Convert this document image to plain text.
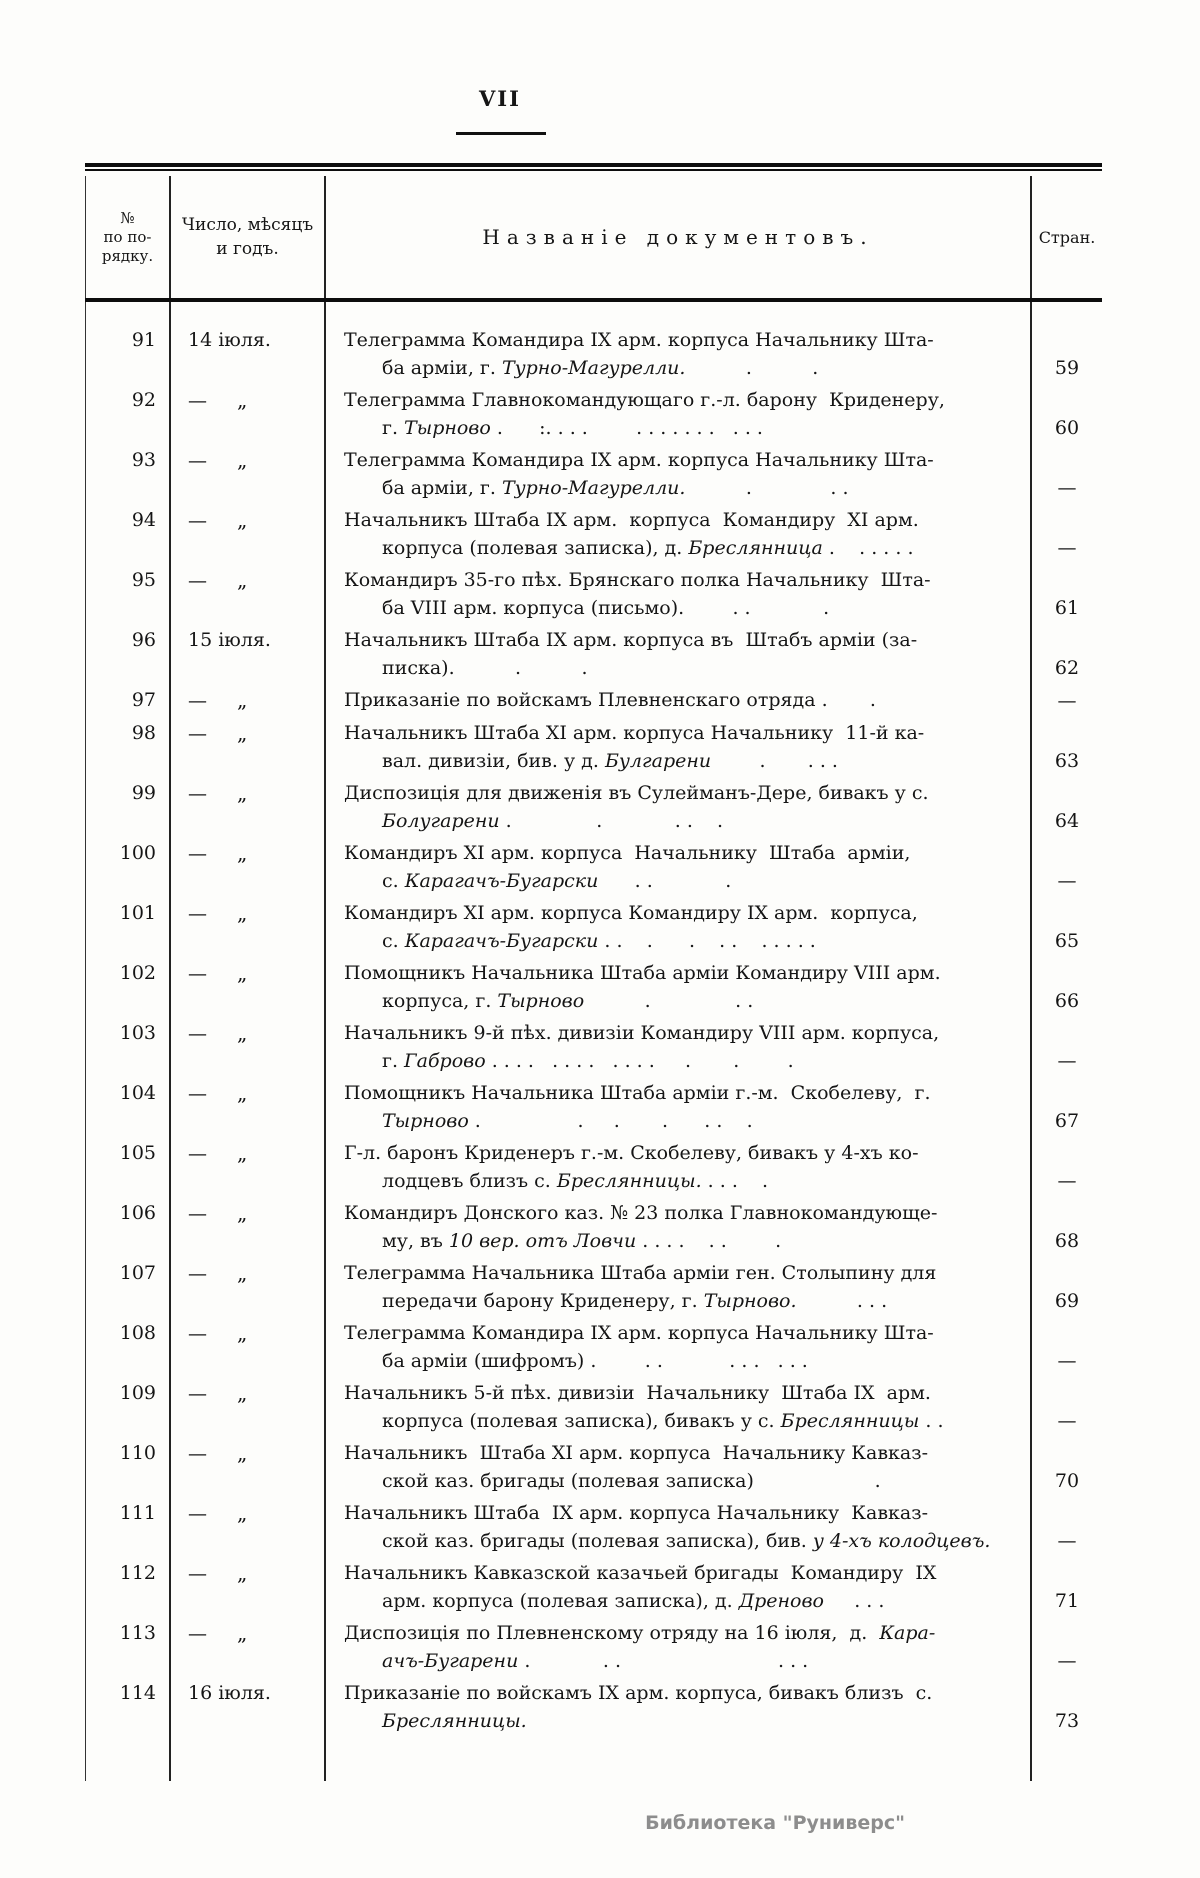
VII
№
по по-
рядку.
Число, мѣсяцъ
и годъ.	Названіе документовъ.	Стран.
91	14 іюля.	Телеграмма Командира IX арм. корпуса Начальнику Шта-
ба арміи, г. Турно-Магурелли.          .          .	59
92	— „	Телеграмма Главнокомандующаго г.-л. барону  Криденеру,
г. Тырново .      :. . . .        . . . . . . .   . . .	60
93	— „	Телеграмма Командира IX арм. корпуса Начальнику Шта-
ба арміи, г. Турно-Магурелли.          .             . .	—
94	— „	Начальникъ Штаба IX арм.  корпуса  Командиру  XI арм.
корпуса (полевая записка), д. Бреслянница .    . . . . .	—
95	— „	Командиръ 35-го пѣх. Брянскаго полка Начальнику  Шта-
ба VIII арм. корпуса (письмо).        . .            .	61
96	15 іюля.	Начальникъ Штаба IX арм. корпуса въ  Штабъ арміи (за-
писка).          .          .	62
97	— „	Приказаніе по войскамъ Плевненскаго отряда .       .	—
98	— „	Начальникъ Штаба XI арм. корпуса Начальнику  11-й ка-
вал. дивизіи, бив. у д. Булгарени        .       . . .	63
99	— „	Диспозиція для движенія въ Сулейманъ-Дере, бивакъ у с.
Болугарени .              .            . .    .	64
100	— „	Командиръ XI арм. корпуса  Начальнику  Штаба  арміи,
с. Карагачъ-Бугарски      . .            .	—
101	— „	Командиръ XI арм. корпуса Командиру IX арм.  корпуса,
с. Карагачъ-Бугарски . .    .      .    . .    . . . . .	65
102	— „	Помощникъ Начальника Штаба арміи Командиру VIII арм.
корпуса, г. Тырново          .              . .	66
103	— „	Начальникъ 9-й пѣх. дивизіи Командиру VIII арм. корпуса,
г. Габрово . . . .   . . . .   . . . .     .       .        .	—
104	— „	Помощникъ Начальника Штаба арміи г.-м.  Скобелеву,  г.
Тырново .                .     .       .      . .    .	67
105	— „	Г-л. баронъ Криденеръ г.-м. Скобелеву, бивакъ у 4-хъ ко-
лодцевъ близъ с. Бреслянницы. . . .    .	—
106	— „	Командиръ Донского каз. № 23 полка Главнокомандующе-
му, въ 10 вер. отъ Ловчи . . . .    . .        .	68
107	— „	Телеграмма Начальника Штаба арміи ген. Столыпину для
передачи барону Криденеру, г. Тырново.          . . .	69
108	— „	Телеграмма Командира IX арм. корпуса Начальнику Шта-
ба арміи (шифромъ) .        . .           . . .   . . .	—
109	— „	Начальникъ 5-й пѣх. дивизіи  Начальнику  Штаба IX  арм.
корпуса (полевая записка), бивакъ у с. Бреслянницы . .	—
110	— „	Начальникъ  Штаба XI арм. корпуса  Начальнику Кавказ-
ской каз. бригады (полевая записка)                    .	70
111	— „	Начальникъ Штаба  IX арм. корпуса Начальнику  Кавказ-
ской каз. бригады (полевая записка), бив. у 4-хъ колодцевъ.	—
112	— „	Начальникъ Кавказской казачьей бригады  Командиру  IX
арм. корпуса (полевая записка), д. Дреново     . . .	71
113	— „	Диспозиція по Плевненскому отряду на 16 іюля,  д.  Кара-
ачъ-Бугарени .            . .                          . . .	—
114	16 іюля.	Приказаніе по войскамъ IX арм. корпуса, бивакъ близъ  с.
Бреслянницы.	73
Библиотека "Руниверс"
